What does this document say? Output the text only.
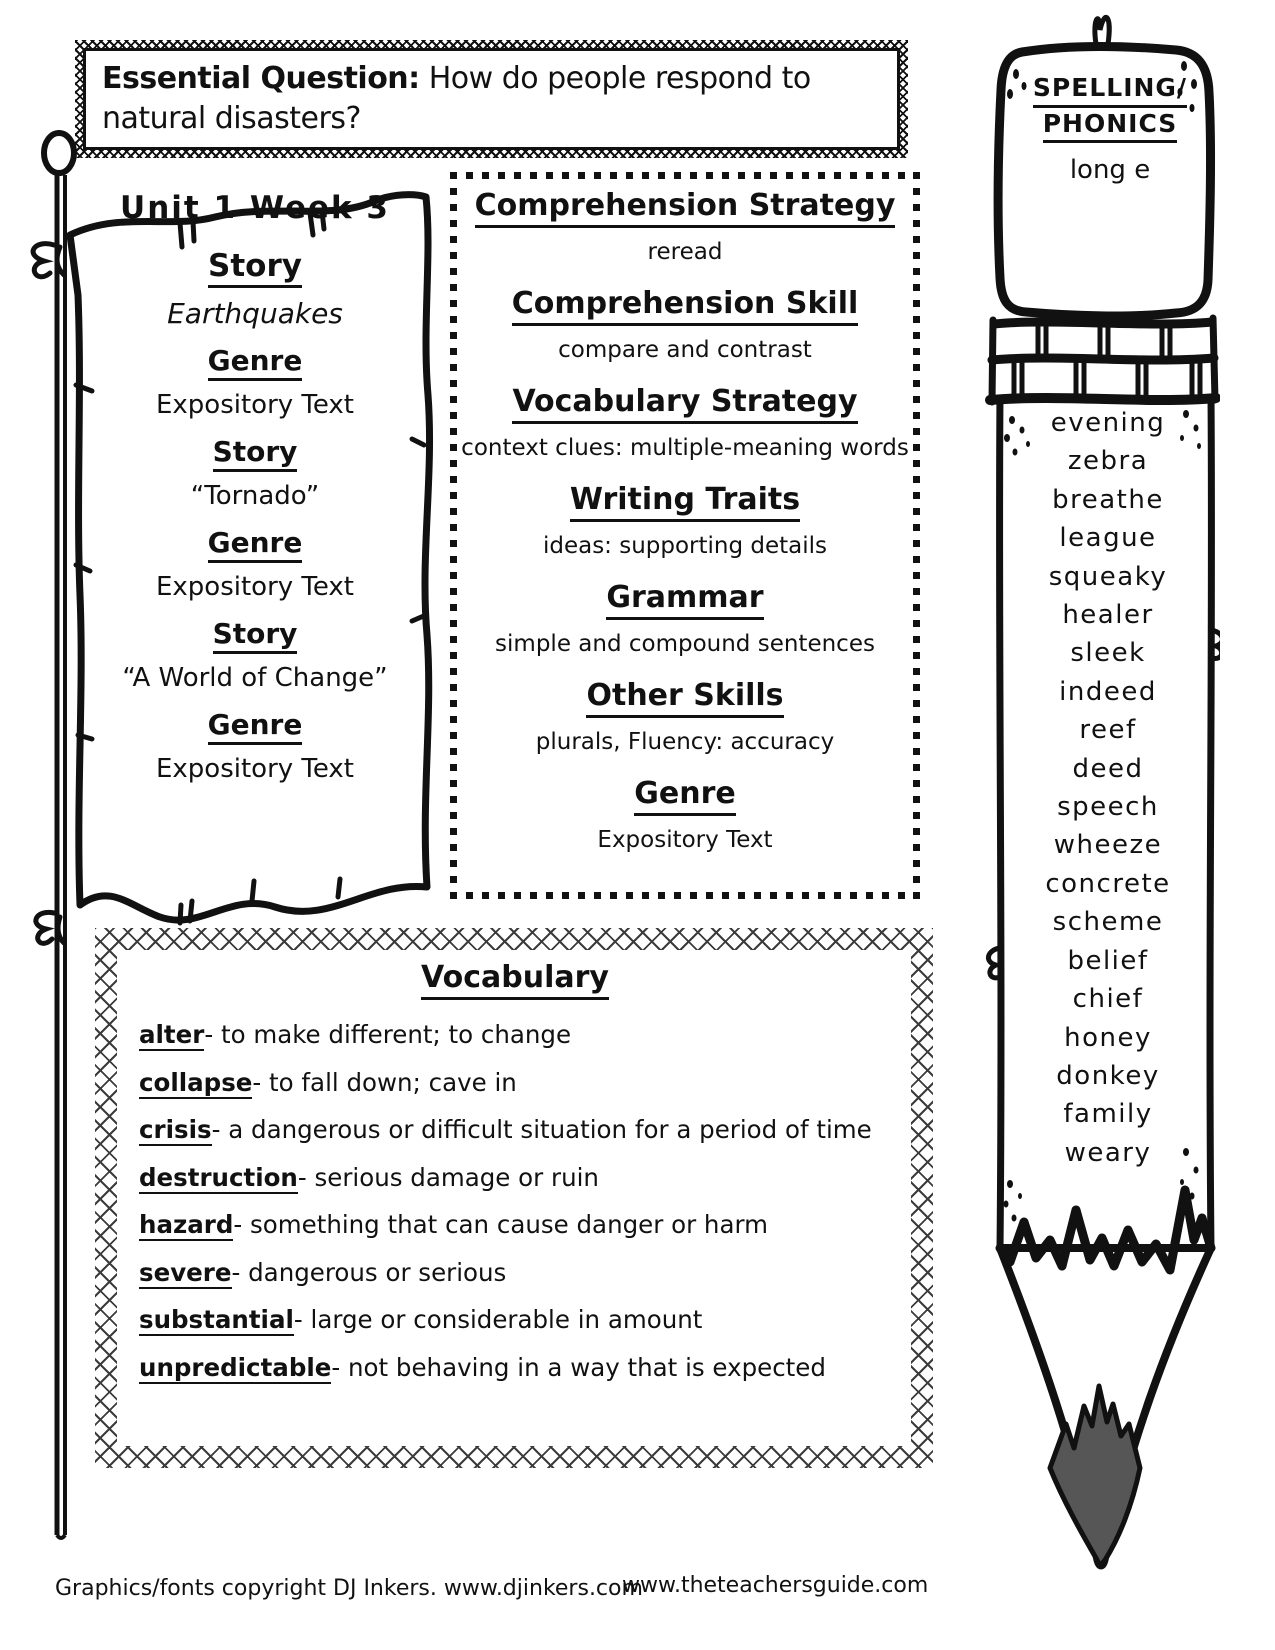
Essential Question: How do people respond to
natural disasters?
Unit 1 Week 3
Story
Earthquakes
Genre
Expository Text
Story
“Tornado”
Genre
Expository Text
Story
“A World of Change”
Genre
Expository Text
Comprehension Strategy
reread
Comprehension Skill
compare and contrast
Vocabulary Strategy
context clues: multiple-meaning words
Writing Traits
ideas: supporting details
Grammar
simple and compound sentences
Other Skills
plurals, Fluency: accuracy
Genre
Expository Text
SPELLING/
PHONICS
long e
evening
zebra
breathe
league
squeaky
healer
sleek
indeed
reef
deed
speech
wheeze
concrete
scheme
belief
chief
honey
donkey
family
weary
Vocabulary
alter- to make different; to change
collapse- to fall down; cave in
crisis- a dangerous or difficult situation for a period of time
destruction- serious damage or ruin
hazard- something that can cause danger or harm
severe- dangerous or serious
substantial- large or considerable in amount
unpredictable- not behaving in a way that is expected
Graphics/fonts copyright DJ Inkers. www.djinkers.com
www.theteachersguide.com
